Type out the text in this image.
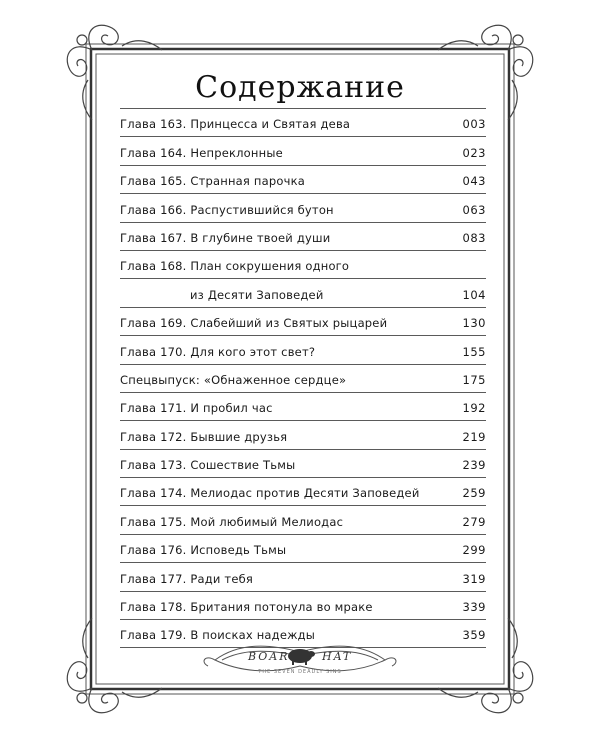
Содержание
Глава 163. Принцесса и Святая дева	003
Глава 164. Непреклонные	023
Глава 165. Странная парочка	043
Глава 166. Распустившийся бутон	063
Глава 167. В глубине твоей души	083
Глава 168. План сокрушения одного
из Десяти Заповедей	104
Глава 169. Слабейший из Святых рыцарей	130
Глава 170. Для кого этот свет?	155
Спецвыпуск: «Обнаженное сердце»	175
Глава 171. И пробил час	192
Глава 172. Бывшие друзья	219
Глава 173. Сошествие Тьмы	239
Глава 174. Мелиодас против Десяти Заповедей	259
Глава 175. Мой любимый Мелиодас	279
Глава 176. Исповедь Тьмы	299
Глава 177. Ради тебя	319
Глава 178. Британия потонула во мраке	339
Глава 179. В поисках надежды	359
BOAR	HAT
THE SEVEN DEADLY SINS
